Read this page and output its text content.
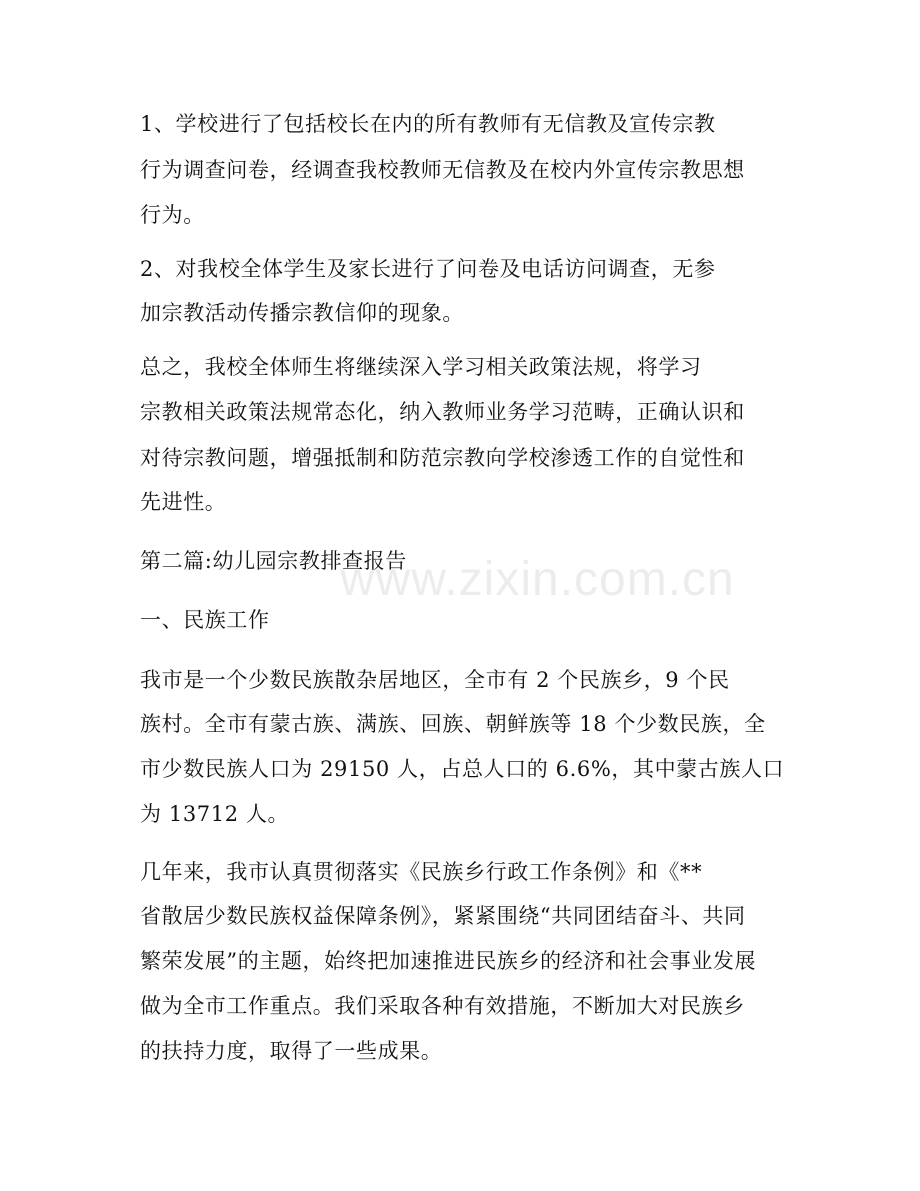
www.zixin.com.cn
1、学校进行了包括校长在内的所有教师有无信教及宣传宗教
行为调查问卷，经调查我校教师无信教及在校内外宣传宗教思想
行为。
2、对我校全体学生及家长进行了问卷及电话访问调查，无参
加宗教活动传播宗教信仰的现象。
总之，我校全体师生将继续深入学习相关政策法规，将学习
宗教相关政策法规常态化，纳入教师业务学习范畴，正确认识和
对待宗教问题，增强抵制和防范宗教向学校渗透工作的自觉性和
先进性。
第二篇:幼儿园宗教排查报告
一、民族工作
我市是一个少数民族散杂居地区，全市有 2 个民族乡，9 个民
族村。全市有蒙古族、满族、回族、朝鲜族等 18 个少数民族，全
市少数民族人口为 29150 人，占总人口的 6.6%，其中蒙古族人口
为 13712 人。
几年来，我市认真贯彻落实《民族乡行政工作条例》和《**
省散居少数民族权益保障条例》，紧紧围绕“共同团结奋斗、共同
繁荣发展”的主题，始终把加速推进民族乡的经济和社会事业发展
做为全市工作重点。我们采取各种有效措施，不断加大对民族乡
的扶持力度，取得了一些成果。
